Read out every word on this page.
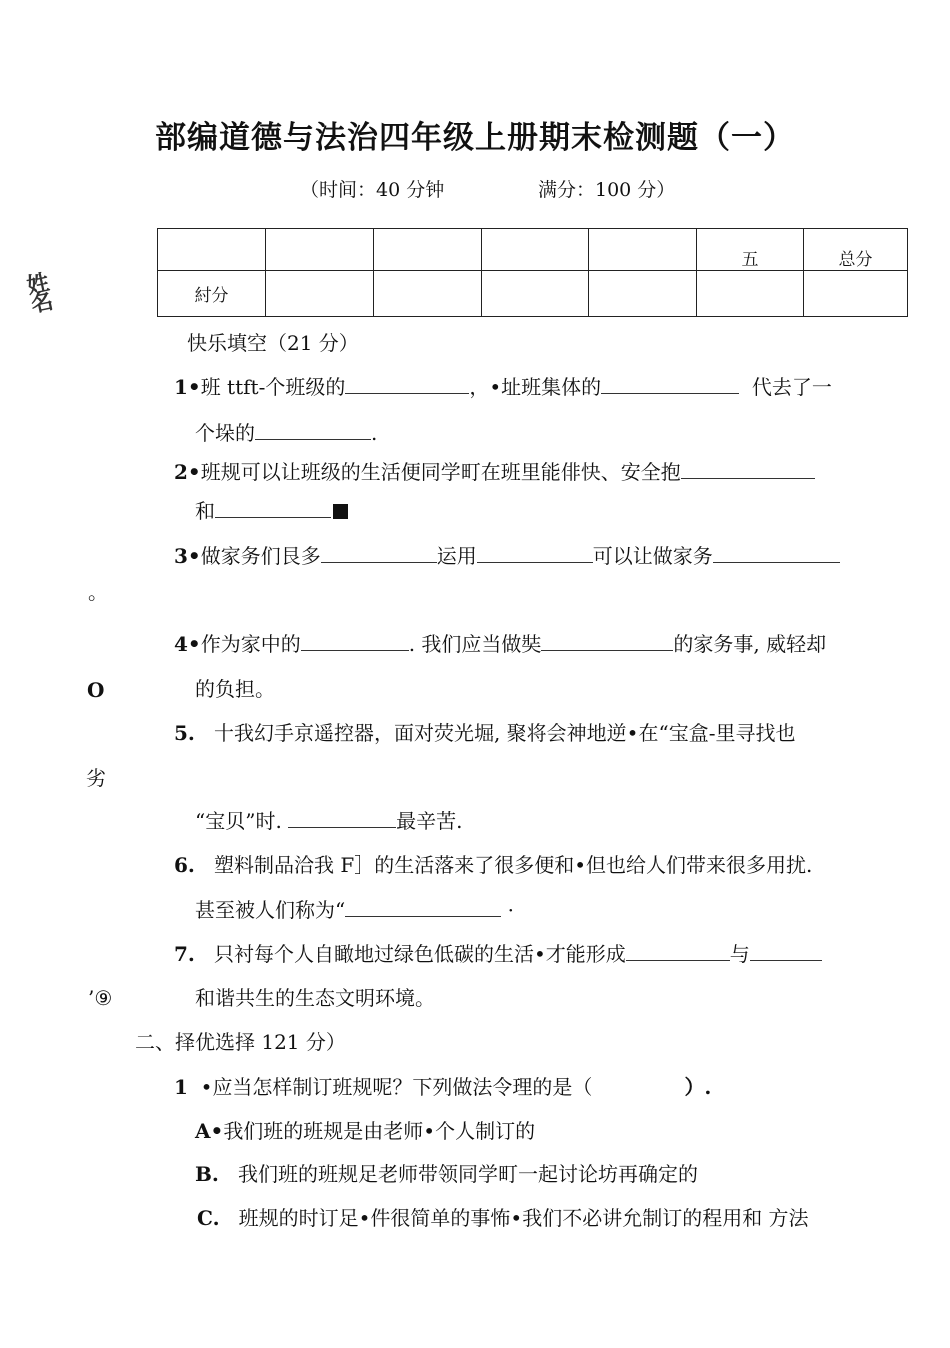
部编道德与法治四年级上册期末检测题（一）
（时间：40 分钟	满分：100 分）
姓名
					五	总分
紂分						
快乐填空（21 分）
1•班 ttft-个班级的	，•址班集体的	代去了一
个垛的	.
2•班规可以让班级的生活便同学町在班里能俳快、安全抱
和
3•做家务们艮多	运用	可以让做家务
。
4•作为家中的	. 我们应当做奘	的家务事, 威轻却
O	的负担。
5. 十我幻手京遥控器，面对荧光堀, 聚将会神地逆•在“宝盒-里寻找也
劣
“宝贝”时.	最辛苦.
6. 塑料制品洽我 F］的生活落来了很多便和•但也给人们带来很多用扰.
甚至被人们称为“	·
7. 只衬每个人自瞰地过绿色低碳的生活•才能形成	与
’⑨	和谐共生的生态文明环境。
二、择优选择 121 分）
1 •应当怎样制订班规呢？下列做法令理的是（	）.
A•我们班的班规是由老师•个人制订的
B. 我们班的班规足老师带领同学町一起讨论坊再确定的
C. 班规的时订足•件很简单的事怖•我们不必讲允制订的程用和 方法
